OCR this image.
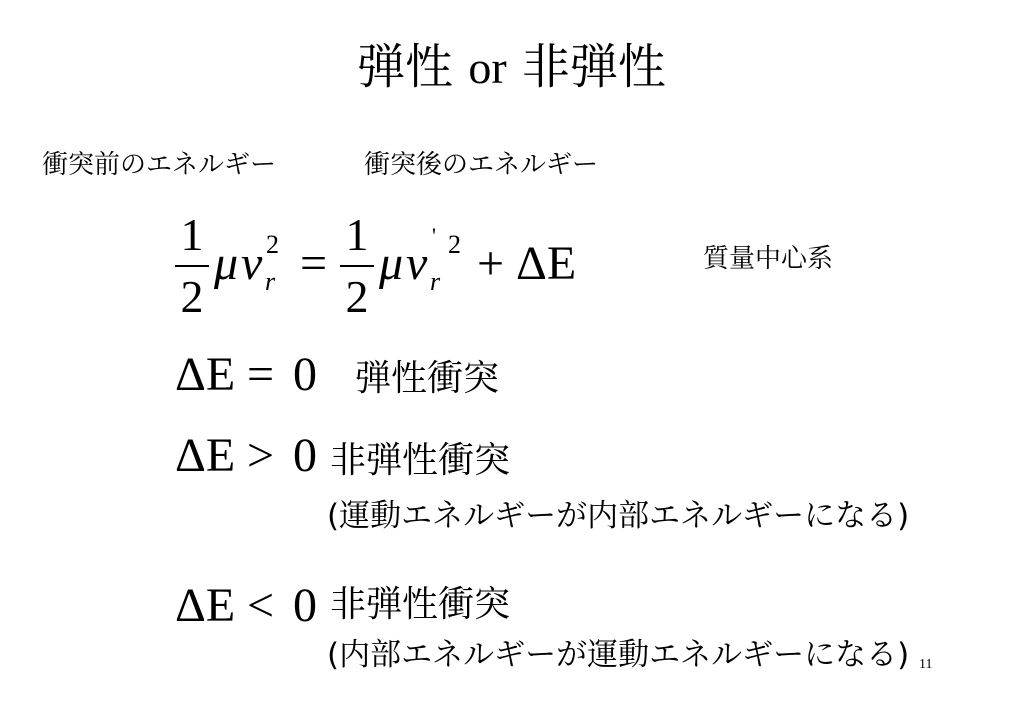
弾性 or 非弾性
衝突前のエネルギー	衝突後のエネルギー
質量中心系
1
2
μ v 2
r =
1
2
μ v
' 2
r + ΔE
ΔE = 0 弾性衝突
ΔE > 0 非弾性衝突
(運動エネルギーが内部エネルギーになる)
ΔE < 0 非弾性衝突
(内部エネルギーが運動エネルギーになる) 11
